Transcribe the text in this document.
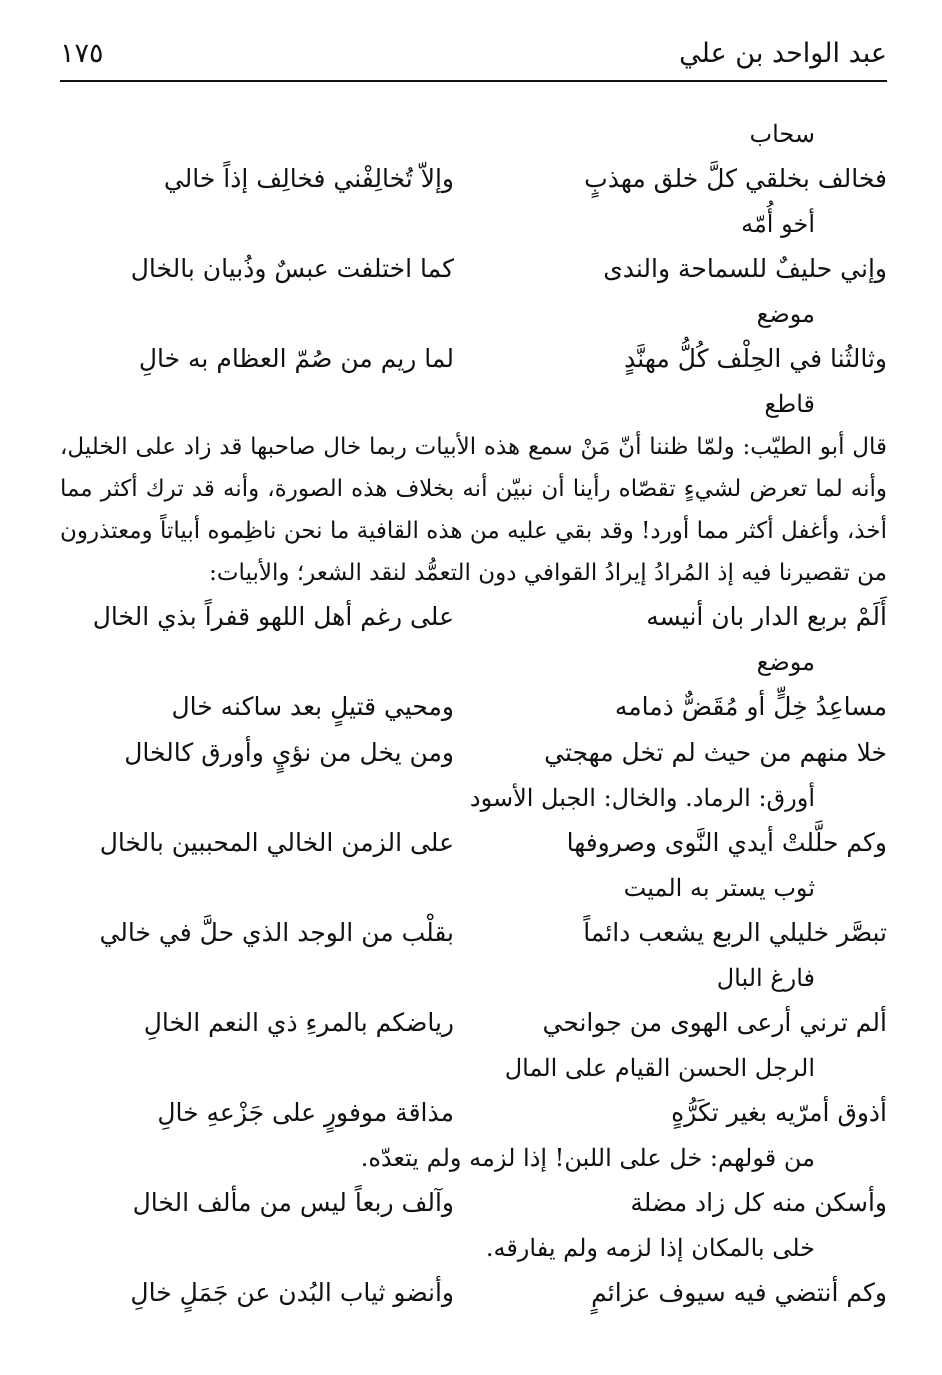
عبد الواحد بن علي
١٧٥
سحاب
فخالف بخلقي كلَّ خلق مهذبٍ
وإلاّ تُخالِفْني فخالِف إذاً خالي
أخو أُمّه
وإني حليفٌ للسماحة والندى
كما اختلفت عبسٌ وذُبيان بالخال
موضع
وثالثُنا في الحِلْف كُلُّ مهنَّدٍ
لما ريم من صُمّ العظام به خالِ
قاطع
قال أبو الطيّب: ولمّا ظننا أنّ مَنْ سمع هذه الأبيات ربما خال صاحبها قد زاد على الخليل، وأنه لما تعرض لشيءٍ تقصّاه رأينا أن نبيّن أنه بخلاف هذه الصورة، وأنه قد ترك أكثر مما أخذ، وأغفل أكثر مما أورد! وقد بقي عليه من هذه القافية ما نحن ناظِموه أبياتاً ومعتذرون من تقصيرنا فيه إذ المُرادُ إيرادُ القوافي دون التعمُّد لنقد الشعر؛ والأبيات:
أَلَمْ بربع الدار بان أنيسه
على رغم أهل اللهو قفراً بذي الخال
موضع
مساعِدُ خِلٍّ أو مُقَضٌّ ذمامه
ومحيي قتيلٍ بعد ساكنه خال
خلا منهم من حيث لم تخل مهجتي
ومن يخل من نؤيٍ وأورق كالخال
أورق: الرماد. والخال: الجبل الأسود
وكم حلَّلتْ أيدي النَّوى وصروفها
على الزمن الخالي المحببين بالخال
ثوب يستر به الميت
تبصَّر خليلي الربع يشعب دائماً
بقلْب من الوجد الذي حلَّ في خالي
فارغ البال
ألم ترني أرعى الهوى من جوانحي
رياضكم بالمرءِ ذي النعم الخالِ
الرجل الحسن القيام على المال
أذوق أمرّيه بغير تكَرُّهٍ
مذاقة موفورٍ على جَزْعهِ خالِ
من قولهم: خل على اللبن! إذا لزمه ولم يتعدّه.
وأسكن منه كل زاد مضلة
وآلف ربعاً ليس من مألف الخال
خلى بالمكان إذا لزمه ولم يفارقه.
وكم أنتضي فيه سيوف عزائمٍ
وأنضو ثياب البُدن عن جَمَلٍ خالِ
